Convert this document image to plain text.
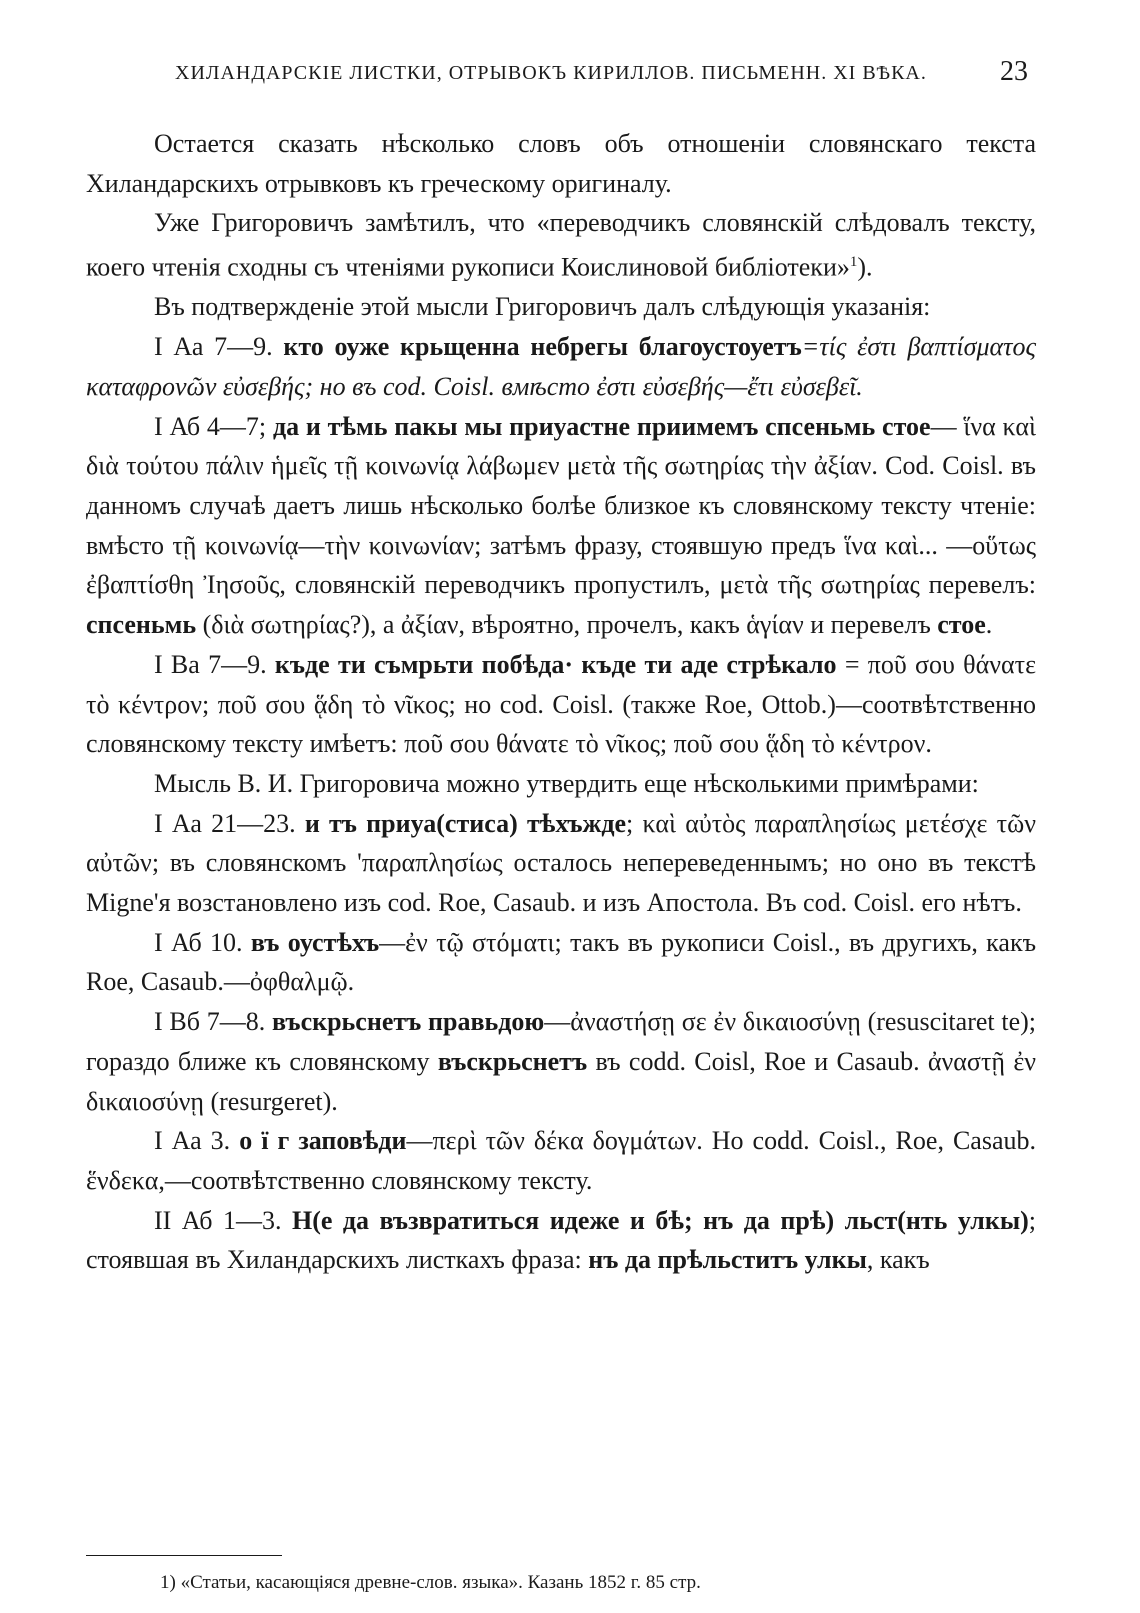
ХИЛАНДАРСКІЕ ЛИСТКИ, ОТРЫВОКЪ КИРИЛЛОВ. ПИСЬМЕНН. XI ВѢКА.	23

Остается сказать нѣсколько словъ объ отношеніи словянскаго текста Хиландарскихъ отрывковъ къ греческому оригиналу.

Уже Григоровичъ замѣтилъ, что «переводчикъ словянскій слѣдовалъ тексту, коего чтенія сходны съ чтеніями рукописи Коислиновой библіотеки»$^1$).

Въ подтвержденіе этой мысли Григоровичъ далъ слѣдующія указанія:

I Аа 7—9. кто оуже крьщенна небрегы благоустоуетъ=τίς ἐστι βαπτίσματος καταφρονῶν εὐσεβής; но въ cod. Coisl. вмѣсто ἐστι εὐσεβής—ἔτι εὐσεβεῖ.

I Аб 4—7; да и тѣмь пакы мы приуастне приимемъ спсеньмь стое— ἵνα καὶ διὰ τούτου πάλιν ἡμεῖς τῇ κοινωνίᾳ λάβωμεν μετὰ τῆς σωτηρίας τὴν ἀξίαν. Cod. Coisl. въ данномъ случаѣ даетъ лишь нѣсколько болѣе близкое къ словянскому тексту чтеніе: вмѣсто τῇ κοινωνίᾳ—τὴν κοινωνίαν; затѣмъ фразу, стоявшую предъ ἵνα καὶ... —οὕτως ἐβαπτίσθη Ἰησοῦς, словянскій переводчикъ пропустилъ, μετὰ τῆς σωτηρίας перевелъ: спсеньмь (διὰ σωτηρίας?), а ἀξίαν, вѣроятно, прочелъ, какъ ἁγίαν и перевелъ стое.

I Ва 7—9. къде ти съмрьти побѣда· къде ти аде стрѣкало = ποῦ σου θάνατε τὸ κέντρον; ποῦ σου ᾅδη τὸ νῖκος; но cod. Coisl. (также Roe, Ottob.)—соотвѣтственно словянскому тексту имѣетъ: ποῦ σου θάνατε τὸ νῖκος; ποῦ σου ᾅδη τὸ κέντρον.

Мысль В. И. Григоровича можно утвердить еще нѣсколькими примѣрами:

I Аа 21—23. и тъ приуа(стиса) тѣхъжде; καὶ αὐτὸς παραπλησίως μετέσχε τῶν αὐτῶν; въ словянскомъ 'παραπλησίως осталось непереведеннымъ; но оно въ текстѣ Migne'я возстановлено изъ cod. Roe, Casaub. и изъ Апостола. Въ cod. Coisl. его нѣтъ.

I Аб 10. въ оустѣхъ—ἐν τῷ στόματι; такъ въ рукописи Coisl., въ другихъ, какъ Roe, Casaub.—ὀφθαλμῷ.

I Вб 7—8. въскрьснетъ правьдою—ἀναστήσῃ σε ἐν δικαιοσύνῃ (resuscitaret te); гораздо ближе къ словянскому въскрьснетъ въ codd. Coisl, Roe и Casaub. ἀναστῇ ἐν δικαιοσύνῃ (resurgeret).

I Аа 3. о ї г заповѣди—περὶ τῶν δέκα δογμάτων. Но codd. Coisl., Roe, Casaub. ἕνδεκα,—соотвѣтственно словянскому тексту.

II Аб 1—3. Н(е да възвратиться идеже и бѣ; нъ да прѣ) льст(нть улкы); стоявшая въ Хиландарскихъ листкахъ фраза: нъ да прѣльститъ улкы, какъ

1) «Статьи, касающіяся древне-слов. языка». Казань 1852 г. 85 стр.
